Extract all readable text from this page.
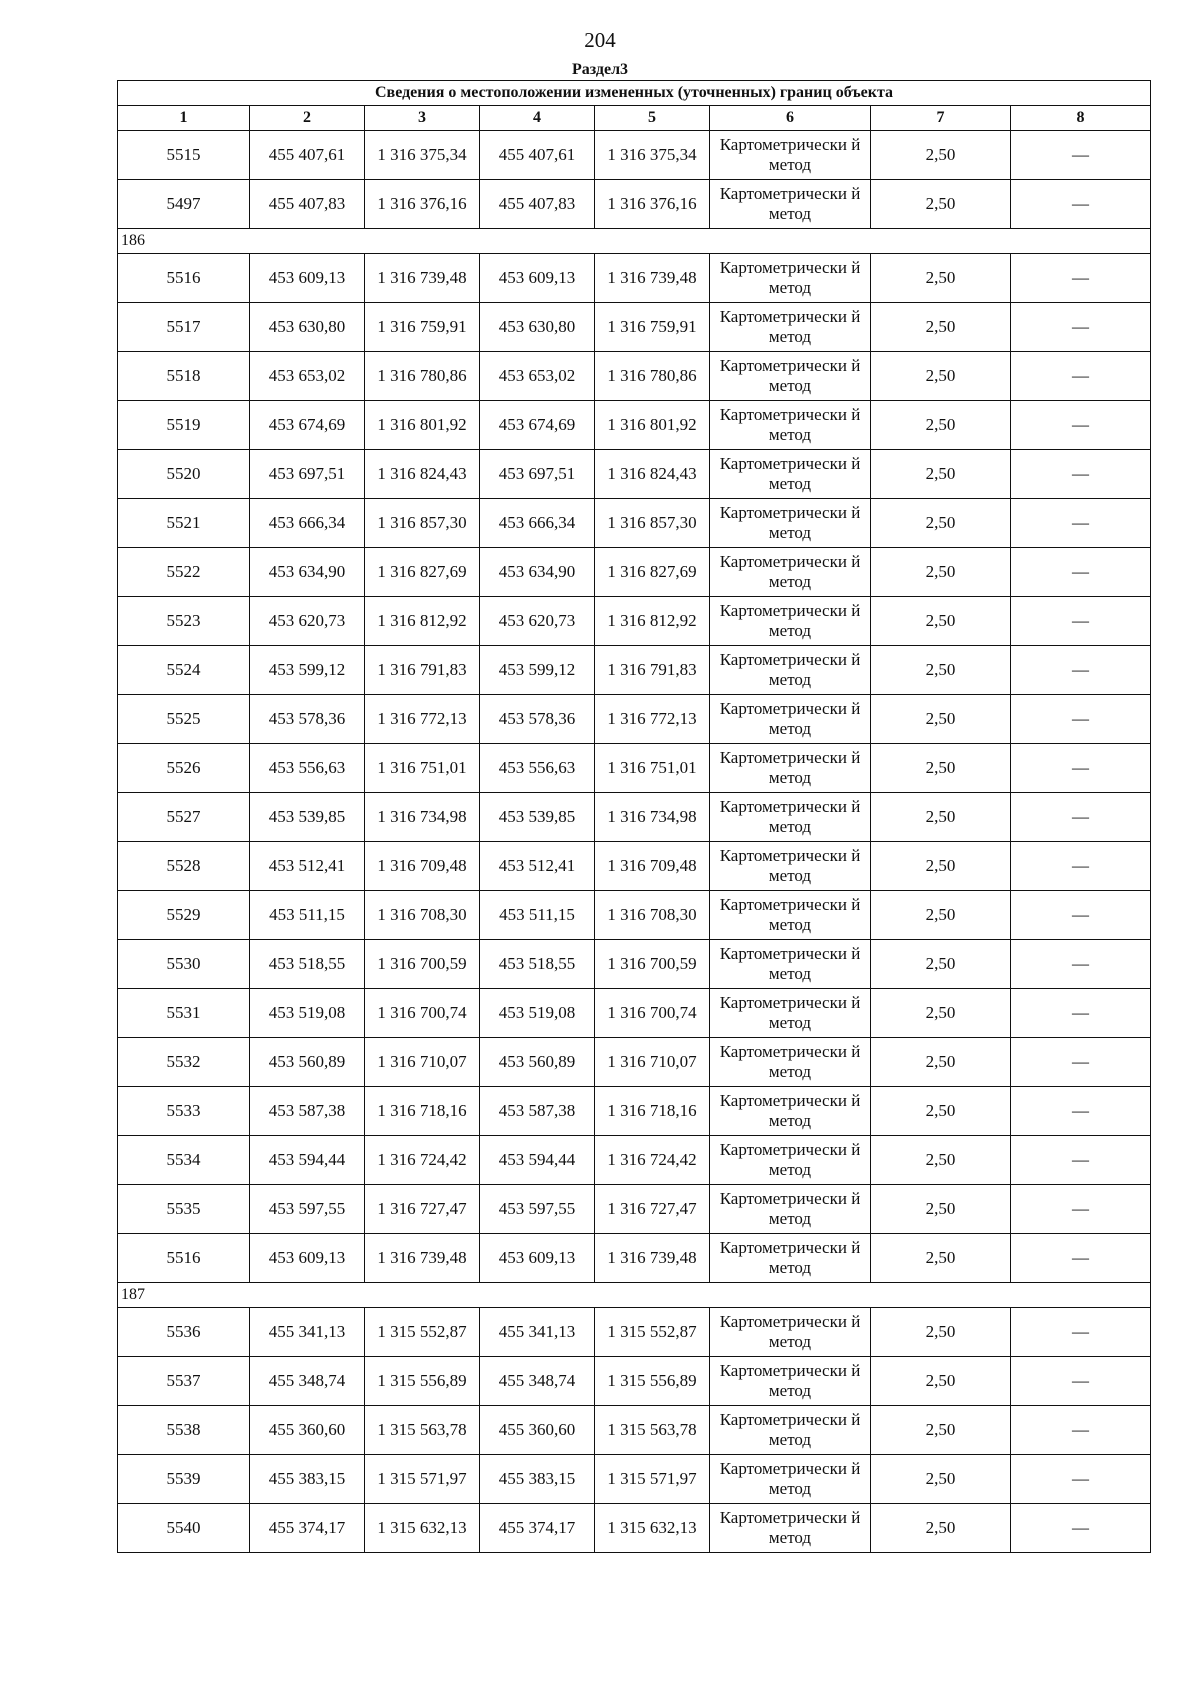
204
Сведения о местоположении измененных (уточненных) границ объекта							
1	2	3	4	5	6	7	8
5515	455 407,61	1 316 375,34	455 407,61	1 316 375,34	Картометрически й метод	2,50	—
5497	455 407,83	1 316 376,16	455 407,83	1 316 376,16	Картометрически й метод	2,50	—
186							
5516	453 609,13	1 316 739,48	453 609,13	1 316 739,48	Картометрически й метод	2,50	—
5517	453 630,80	1 316 759,91	453 630,80	1 316 759,91	Картометрически й метод	2,50	—
5518	453 653,02	1 316 780,86	453 653,02	1 316 780,86	Картометрически й метод	2,50	—
5519	453 674,69	1 316 801,92	453 674,69	1 316 801,92	Картометрически й метод	2,50	—
5520	453 697,51	1 316 824,43	453 697,51	1 316 824,43	Картометрически й метод	2,50	—
5521	453 666,34	1 316 857,30	453 666,34	1 316 857,30	Картометрически й метод	2,50	—
5522	453 634,90	1 316 827,69	453 634,90	1 316 827,69	Картометрически й метод	2,50	—
5523	453 620,73	1 316 812,92	453 620,73	1 316 812,92	Картометрически й метод	2,50	—
5524	453 599,12	1 316 791,83	453 599,12	1 316 791,83	Картометрически й метод	2,50	—
5525	453 578,36	1 316 772,13	453 578,36	1 316 772,13	Картометрически й метод	2,50	—
5526	453 556,63	1 316 751,01	453 556,63	1 316 751,01	Картометрически й метод	2,50	—
5527	453 539,85	1 316 734,98	453 539,85	1 316 734,98	Картометрически й метод	2,50	—
5528	453 512,41	1 316 709,48	453 512,41	1 316 709,48	Картометрически й метод	2,50	—
5529	453 511,15	1 316 708,30	453 511,15	1 316 708,30	Картометрически й метод	2,50	—
5530	453 518,55	1 316 700,59	453 518,55	1 316 700,59	Картометрически й метод	2,50	—
5531	453 519,08	1 316 700,74	453 519,08	1 316 700,74	Картометрически й метод	2,50	—
5532	453 560,89	1 316 710,07	453 560,89	1 316 710,07	Картометрически й метод	2,50	—
5533	453 587,38	1 316 718,16	453 587,38	1 316 718,16	Картометрически й метод	2,50	—
5534	453 594,44	1 316 724,42	453 594,44	1 316 724,42	Картометрически й метод	2,50	—
5535	453 597,55	1 316 727,47	453 597,55	1 316 727,47	Картометрически й метод	2,50	—
5516	453 609,13	1 316 739,48	453 609,13	1 316 739,48	Картометрически й метод	2,50	—
187							
5536	455 341,13	1 315 552,87	455 341,13	1 315 552,87	Картометрически й метод	2,50	—
5537	455 348,74	1 315 556,89	455 348,74	1 315 556,89	Картометрически й метод	2,50	—
5538	455 360,60	1 315 563,78	455 360,60	1 315 563,78	Картометрически й метод	2,50	—
5539	455 383,15	1 315 571,97	455 383,15	1 315 571,97	Картометрически й метод	2,50	—
5540	455 374,17	1 315 632,13	455 374,17	1 315 632,13	Картометрически й метод	2,50	—
Раздел3
